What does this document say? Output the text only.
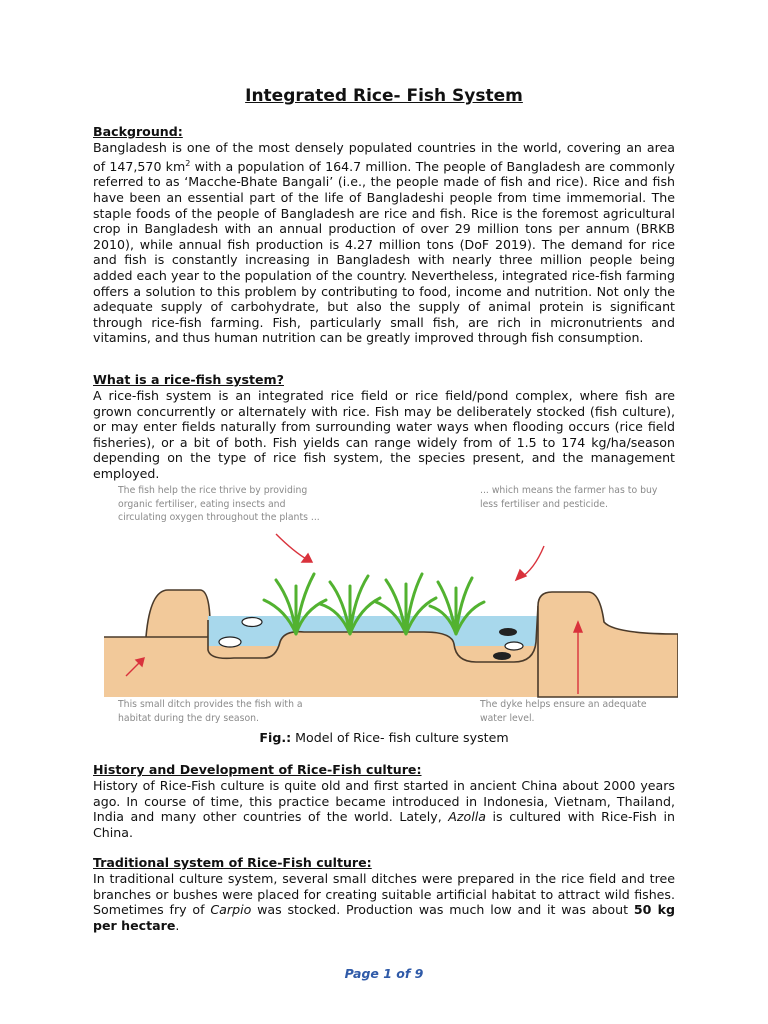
Integrated Rice- Fish System

Background:

Bangladesh is one of the most densely populated countries in the world, covering an area of 147,570 $km^2$ with a population of 164.7 million. The people of Bangladesh are commonly referred to as ‘Macche-Bhate Bangali’ (i.e., the people made of fish and rice). Rice and fish have been an essential part of the life of Bangladeshi people from time immemorial. The staple foods of the people of Bangladesh are rice and fish. Rice is the foremost agricultural crop in Bangladesh with an annual production of over 29 million tons per annum (BRKB 2010), while annual fish production is 4.27 million tons (DoF 2019). The demand for rice and fish is constantly increasing in Bangladesh with nearly three million people being added each year to the population of the country. Nevertheless, integrated rice-fish farming offers a solution to this problem by contributing to food, income and nutrition. Not only the adequate supply of carbohydrate, but also the supply of animal protein is significant through rice-fish farming. Fish, particularly small fish, are rich in micronutrients and vitamins, and thus human nutrition can be greatly improved through fish consumption.

What is a rice-fish system?

A rice-fish system is an integrated rice field or rice field/pond complex, where fish are grown concurrently or alternately with rice. Fish may be deliberately stocked (fish culture), or may enter fields naturally from surrounding water ways when flooding occurs (rice field fisheries), or a bit of both. Fish yields can range widely from of 1.5 to 174 kg/ha/season depending on the type of rice fish system, the species present, and the management employed.

The fish help the rice thrive by providing organic fertiliser, eating insects and circulating oxygen throughout the plants ...

... which means the farmer has to buy less fertiliser and pesticide.

This small ditch provides the fish with a habitat during the dry season.

The dyke helps ensure an adequate water level.

Fig.: Model of Rice- fish culture system

History and Development of Rice-Fish culture:

History of Rice-Fish culture is quite old and first started in ancient China about 2000 years ago. In course of time, this practice became introduced in Indonesia, Vietnam, Thailand, India and many other countries of the world. Lately, Azolla is cultured with Rice-Fish in China.

Traditional system of Rice-Fish culture:

In traditional culture system, several small ditches were prepared in the rice field and tree branches or bushes were placed for creating suitable artificial habitat to attract wild fishes. Sometimes fry of Carpio was stocked. Production was much low and it was about 50 kg per hectare.

Page 1 of 9
